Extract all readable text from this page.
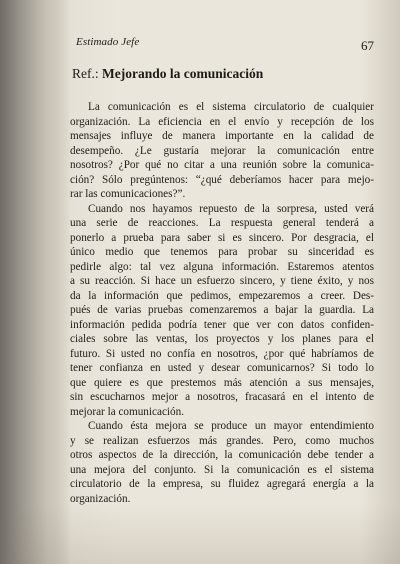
Estimado Jefe	67
Ref.: Mejorando la comunicación
La comunicación es el sistema circulatorio de cualquier
organización. La eficiencia en el envío y recepción de los
mensajes influye de manera importante en la calidad de
desempeño. ¿Le gustaría mejorar la comunicación entre
nosotros? ¿Por qué no citar a una reunión sobre la comunica-
ción? Sólo pregúntenos: “¿qué deberíamos hacer para mejo-
rar las comunicaciones?”.
Cuando nos hayamos repuesto de la sorpresa, usted verá
una serie de reacciones. La respuesta general tenderá a
ponerlo a prueba para saber si es sincero. Por desgracia, el
único medio que tenemos para probar su sinceridad es
pedirle algo: tal vez alguna información. Estaremos atentos
a su reacción. Si hace un esfuerzo sincero, y tiene éxito, y nos
da la información que pedimos, empezaremos a creer. Des-
pués de varias pruebas comenzaremos a bajar la guardia. La
información pedida podría tener que ver con datos confiden-
ciales sobre las ventas, los proyectos y los planes para el
futuro. Si usted no confía en nosotros, ¿por qué habríamos de
tener confianza en usted y desear comunicarnos? Si todo lo
que quiere es que prestemos más atención a sus mensajes,
sin escucharnos mejor a nosotros, fracasará en el intento de
mejorar la comunicación.
Cuando ésta mejora se produce un mayor entendimiento
y se realizan esfuerzos más grandes. Pero, como muchos
otros aspectos de la dirección, la comunicación debe tender a
una mejora del conjunto. Si la comunicación es el sistema
circulatorio de la empresa, su fluidez agregará energía a la
organización.
